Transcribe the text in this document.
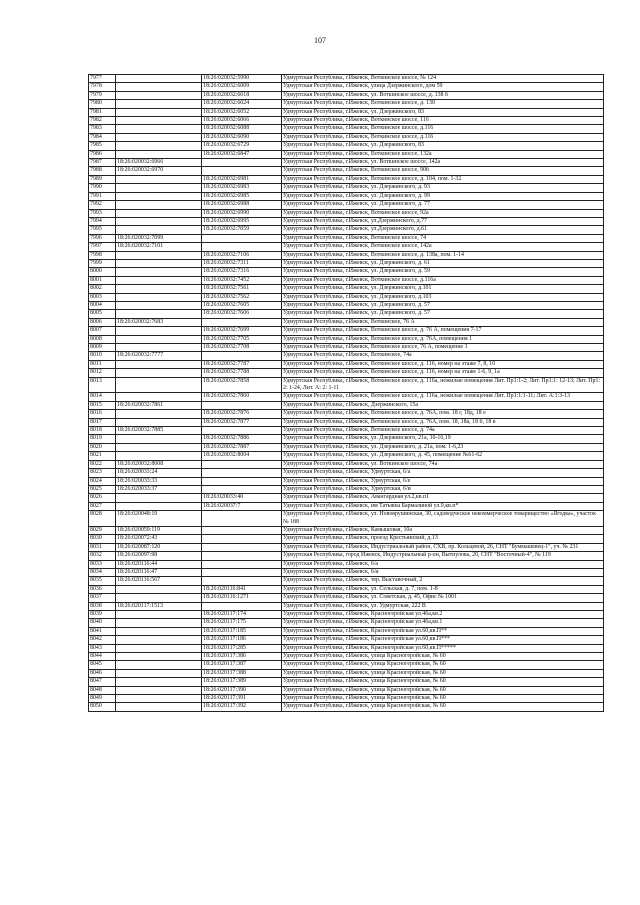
107
7977		18:26:020032:5990	Удмуртская Республика, г.Ижевск, Воткинское шоссе, № 124
7978		18:26:020032:6009	Удмуртская Республика, г.Ижевск, улица Дзержинского, дом 59
7979		18:26:020032:6018	Удмуртская Республика, г.Ижевск, ул. Воткинское шоссе, д. 138 б
7980		18:26:020032:6024	Удмуртская Республика, г.Ижевск, Воткинское шоссе, д. 130
7981		18:26:020032:6052	Удмуртская Республика, г.Ижевск, ул. Дзержинского, 83
7982		18:26:020032:6066	Удмуртская Республика, г.Ижевск, Воткинское шоссе, 116
7983		18:26:020032:6088	Удмуртская Республика, г.Ижевск, Воткинское шоссе, д.116
7984		18:26:020032:6090	Удмуртская Республика, г.Ижевск, Воткинское шоссе, д.116
7985		18:26:020032:6729	Удмуртская Республика, г.Ижевск, ул. Дзержинского, 83
7986		18:26:020032:6847	Удмуртская Республика, г.Ижевск, Воткинское шоссе, 132а
7987	18:26:020032:6966		Удмуртская Республика, г.Ижевск, ул. Воткинское шоссе, 142а
7988	18:26:020032:6970		Удмуртская Республика, г.Ижевск, Воткинское шоссе, 90б
7989		18:26:020032:6981	Удмуртская Республика, г.Ижевск, Воткинское шоссе, д. 104, пом. 1-32
7990		18:26:020032:6983	Удмуртская Республика, г.Ижевск, ул. Дзержинского, д. 93
7991		18:26:020032:6985	Удмуртская Республика, г.Ижевск, ул. Дзержинского, д. 99
7992		18:26:020032:6988	Удмуртская Республика, г.Ижевск, ул. Дзержинского, д. 77
7993		18:26:020032:6990	Удмуртская Республика, г.Ижевск, Воткинское шоссе, 92а
7994		18:26:020032:6995	Удмуртская Республика, г.Ижевск, ул.Дзержинского, д.77
7995		18:26:020032:7059	Удмуртская Республика, г.Ижевск, ул.Дзержинского, д.61
7996	18:26:020032:7099		Удмуртская Республика, г.Ижевск, Воткинское шоссе, 74
7997	18:26:020032:7101		Удмуртская Республика, г.Ижевск, Воткинское шоссе, 142а
7998		18:26:020032:7106	Удмуртская Республика, г.Ижевск, Воткинское шоссе, д. 138а, пом. 1-14
7999		18:26:020032:7311	Удмуртская Республика, г.Ижевск, ул. Дзержинского, д. 61
8000		18:26:020032:7316	Удмуртская Республика, г.Ижевск, ул. Дзержинского, д. 59
8001		18:26:020032:7452	Удмуртская Республика, г.Ижевск, Воткинское шоссе, д.116а
8002		18:26:020032:7561	Удмуртская Республика, г.Ижевск, ул. Дзержинского, д.101
8003		18:26:020032:7562	Удмуртская Республика, г.Ижевск, ул. Дзержинского, д.103
8004		18:26:020032:7605	Удмуртская Республика, г.Ижевск, ул. Дзержинского, д. 57
8005		18:26:020032:7606	Удмуртская Республика, г.Ижевск, ул. Дзержинского, д. 57
8006	18:26:020032:7683		Удмуртская Республика, г.Ижевск, Воткинское, 76 А
8007		18:26:020032:7699	Удмуртская Республика, г.Ижевск, Воткинское шоссе, д. 76 А, помещения 7-17
8008		18:26:020032:7705	Удмуртская Республика, г.Ижевск, Воткинское шоссе, д. 76А, помещения 1
8009		18:26:020032:7708	Удмуртская Республика, г.Ижевск, Воткинское шоссе, 76 А, помещение 1
8010	18:26:020032:7777		Удмуртская Республика, г.Ижевск, Воткинское, 74а
8011		18:26:020032:7787	Удмуртская Республика, г.Ижевск, Воткинское шоссе, д. 116, номер на этаже 7, 8, 10
8012		18:26:020032:7788	Удмуртская Республика, г.Ижевск, Воткинское шоссе, д. 116, номер на этаже 1-6, 9, 1а
8013		18:26:020032:7858	Удмуртская Республика, г.Ижевск, Воткинское шоссе, д. 116а, нежилые помещения Лит. Пр1:1-2; Лит. Пр1:1: 12-13; Лит. Пр1: 2: 1-24, Лит. А: 2: 1-11
8014		18:26:020032:7860	Удмуртская Республика, г.Ижевск, Воткинское шоссе, д. 116а, нежилые помещения Лит. Пр1:1:1-11; Лит. А:1:3-13
8015	18:26:020032:7861		Удмуртская Республика, г.Ижевск, Дзержинского, 15а
8016		18:26:020032:7876	Удмуртская Республика, г.Ижевск, Воткинское шоссе, д. 76А, пом. 18 г, 18д, 18 е
8017		18:26:020032:7877	Удмуртская Республика, г.Ижевск, Воткинское шоссе, д. 76А, пом. 18, 18а, 18 б, 18 в
8018	18:26:020032:7885		Удмуртская Республика, г.Ижевск, Воткинское шоссе, д. 74а
8019		18:26:020032:7886	Удмуртская Республика, г.Ижевск, ул. Дзержинского, 21а, 10-16,19
8020		18:26:020032:7887	Удмуртская Республика, г.Ижевск, ул. Дзержинского, д. 21а, пом. 1-6,23
8021		18:26:020032:8004	Удмуртская Республика, г.Ижевск, ул. Дзержинского, д. 45, помещение №61-62
8022	18:26:020032:8008		Удмуртская Республика, г.Ижевск, ул. Воткинское шоссе, 74а
8023	18:26:020033:24		Удмуртская Республика, г.Ижевск, Удмуртская, 6/а
8024	18:26:020033:33		Удмуртская Республика, г.Ижевск, Удмуртская, 6/е
8025	18:26:020033:37		Удмуртская Республика, г.Ижевск, Удмуртская, 6/и
8026		18:26:020033:40	Удмуртская Республика, г.Ижевск, Авангардная ул.2,кв.п1
8027		18:26:020037:7	Удмуртская Республика, г.Ижевск, им Татьяны Бармалиной ул.9,кв.п*
8028	18:26:020048:19		Удмуртская Республика, г.Ижевск, ул. Новоярушинская, 30, садоводческое некоммерческое товарищество «Ягодка», участок № 188
8029	18:26:020059:119		Удмуртская Республика, г.Ижевск, Камышовая, 10а
8030	18:26:020072:43		Удмуртская Республика, г.Ижевск, проезд Крестьянский, д.13
8031	18:26:020087:120		Удмуртская Республика, г.Ижевск, Индустриальный район, СХВ, пр. Кольцевой, 26, СНТ "Буммашевец-1", уч. № 231
8032	18:26:020097:98		Удмуртская Республика, город Ижевск, Индустриальный р-он, Вытнулова, 20, СНТ "Восточный-4", № 119
8033	18:26:020116:44		Удмуртская Республика, г.Ижевск, 6/а
8034	18:26:020116:47		Удмуртская Республика, г.Ижевск, 6/и
8035	18:26:020116:567		Удмуртская Республика, г.Ижевск, тер. Выставочный, 2
8036		18:26:020116:841	Удмуртская Республика, г.Ижевск, ул. Сельская, д. 7, пом. 1-8
8037		18:26:020116:1271	Удмуртская Республика, г.Ижевск, ул. Советская, д. 45, Офис № 1001
8038	18:26:020117:1513		Удмуртская Республика, г.Ижевск, ул. Удмуртская, 222 В
8039		18:26:020117:174	Удмуртская Республика, г.Ижевск, Красногеройская ул.46а,кв.2
8040		18:26:020117:175	Удмуртская Республика, г.Ижевск, Красногеройская ул.46а,кв.1
8041		18:26:020117:185	Удмуртская Республика, г.Ижевск, Красногеройская ул.60,кв.П**
8042		18:26:020117:186	Удмуртская Республика, г.Ижевск, Красногеройская ул.60,кв.П***
8043		18:26:020117:285	Удмуртская Республика, г.Ижевск, Красногеройская ул.60,кв.П*****
8044		18:26:020117:386	Удмуртская Республика, г.Ижевск, улица Красногеройская, № 60
8045		18:26:020117:387	Удмуртская Республика, г.Ижевск, улица Красногеройская, № 60
8046		18:26:020117:388	Удмуртская Республика, г.Ижевск, улица Красногеройская, № 60
8047		18:26:020117:389	Удмуртская Республика, г.Ижевск, улица Красногеройская, № 60
8048		18:26:020117:390	Удмуртская Республика, г.Ижевск, улица Красногеройская, № 60
8049		18:26:020117:391	Удмуртская Республика, г.Ижевск, улица Красногеройская, № 60
8050		18:26:020117:392	Удмуртская Республика, г.Ижевск, улица Красногеройская, № 60
